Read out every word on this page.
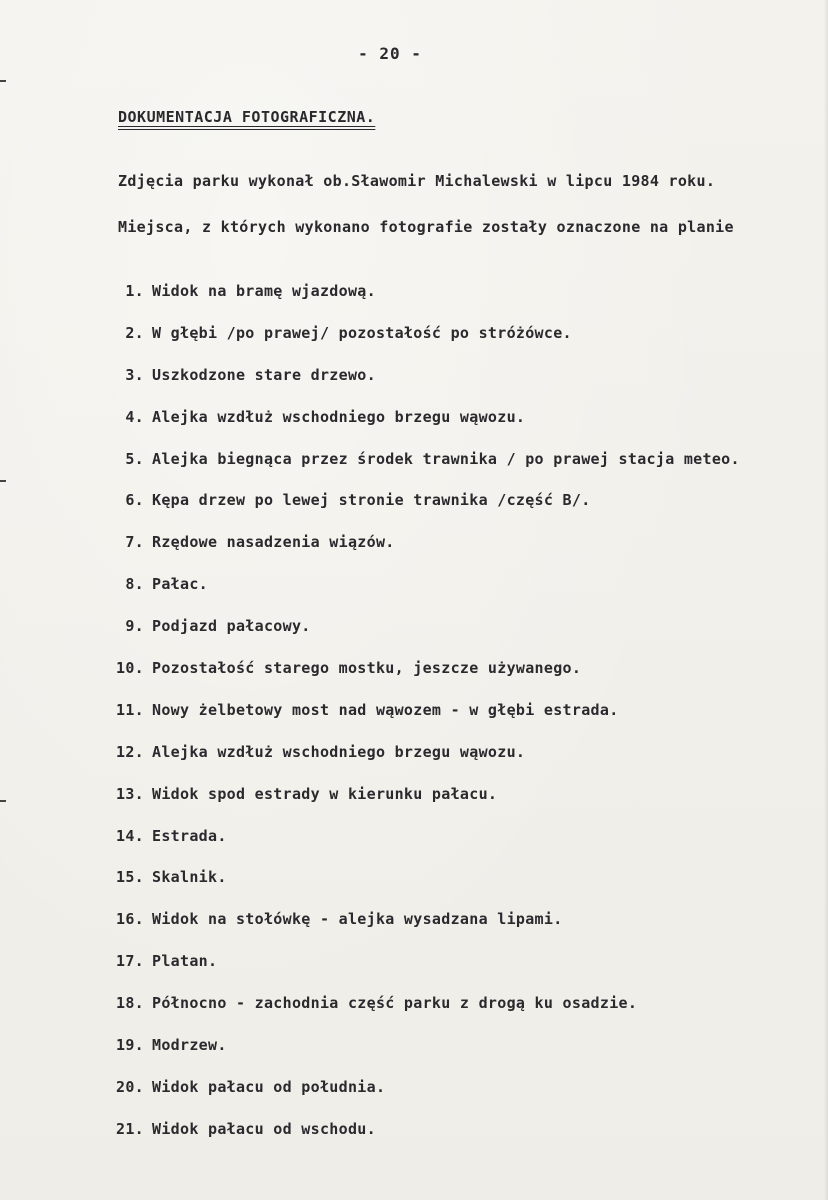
- 20 -
DOKUMENTACJA FOTOGRAFICZNA.
Zdjęcia parku wykonał ob.Sławomir Michalewski w lipcu 1984 roku.
Miejsca, z których wykonano fotografie zostały oznaczone na planie
1. Widok na bramę wjazdową.
2. W głębi /po prawej/ pozostałość po stróżówce.
3. Uszkodzone stare drzewo.
4. Alejka wzdłuż wschodniego brzegu wąwozu.
5. Alejka biegnąca przez środek trawnika / po prawej stacja meteo.
6. Kępa drzew po lewej stronie trawnika /część B/.
7. Rzędowe nasadzenia wiązów.
8. Pałac.
9. Podjazd pałacowy.
10. Pozostałość starego mostku, jeszcze używanego.
11. Nowy żelbetowy most nad wąwozem - w głębi estrada.
12. Alejka wzdłuż wschodniego brzegu wąwozu.
13. Widok spod estrady w kierunku pałacu.
14. Estrada.
15. Skalnik.
16. Widok na stołówkę - alejka wysadzana lipami.
17. Platan.
18. Północno - zachodnia część parku z drogą ku osadzie.
19. Modrzew.
20. Widok pałacu od południa.
21. Widok pałacu od wschodu.
